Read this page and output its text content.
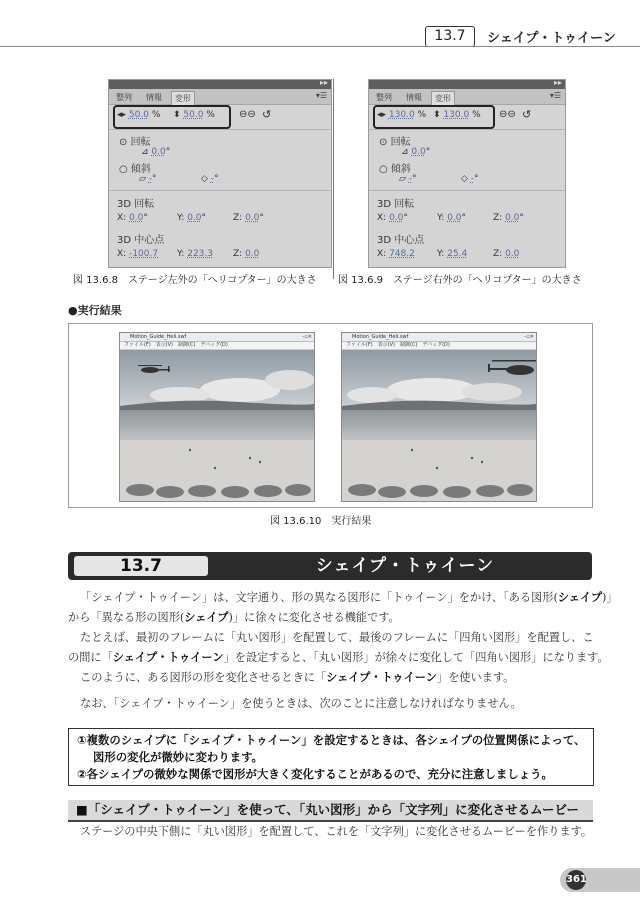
13.7	シェイプ・トゥイーン
▸▸
整列	情報	変形	▾☰
◂▸ 50.0 % ⬍ 50.0 % ⊖⊖ ↺
⊙ 回転
⊿ 0.0°
○ 傾斜
▱ -°	◇ -°
3D 回転
X: 0.0°	Y: 0.0°	Z: 0.0°
3D 中心点
X: -100.7 Y: 223.3 Z: 0.0
▸▸
整列	情報	変形	▾☰
◂▸ 130.0 % ⬍ 130.0 % ⊖⊖ ↺
⊙ 回転
⊿ 0.0°
○ 傾斜
▱ -°	◇ -°
3D 回転
X: 0.0°	Y: 0.0°	Z: 0.0°
3D 中心点
X: 748.2 Y: 25.4	Z: 0.0
図 13.6.8　ステージ左外の「ヘリコプター」の大きさ 図 13.6.9　ステージ右外の「ヘリコプター」の大きさ
●実行結果
Motion_Guide_Heli.swf	–▫✕
ファイル(F)　表示(V)　制御(C)　デバッグ(D)
Motion_Guide_Heli.swf	–▫✕
ファイル(F)　表示(V)　制御(C)　デバッグ(D)
図 13.6.10　実行結果
13.7	シェイプ・トゥイーン
「シェイプ・トゥイーン」は、文字通り、形の異なる図形に「トゥイーン」をかけ、「ある図形(シェイプ)」
から「異なる形の図形(シェイプ)」に徐々に変化させる機能です。
たとえば、最初のフレームに「丸い図形」を配置して、最後のフレームに「四角い図形」を配置し、こ
の間に「シェイプ・トゥイーン」を設定すると、「丸い図形」が徐々に変化して「四角い図形」になります。
このように、ある図形の形を変化させるときに「シェイプ・トゥイーン」を使います。
なお、「シェイプ・トゥイーン」を使うときは、次のことに注意しなければなりません。
①複数のシェイプに「シェイプ・トゥイーン」を設定するときは、各シェイプの位置関係によって、
図形の変化が微妙に変わります。
②各シェイプの微妙な関係で図形が大きく変化することがあるので、充分に注意しましょう。
■「シェイプ・トゥイーン」を使って、「丸い図形」から「文字列」に変化させるムービー
ステージの中央下側に「丸い図形」を配置して、これを「文字列」に変化させるムービーを作ります。
361
